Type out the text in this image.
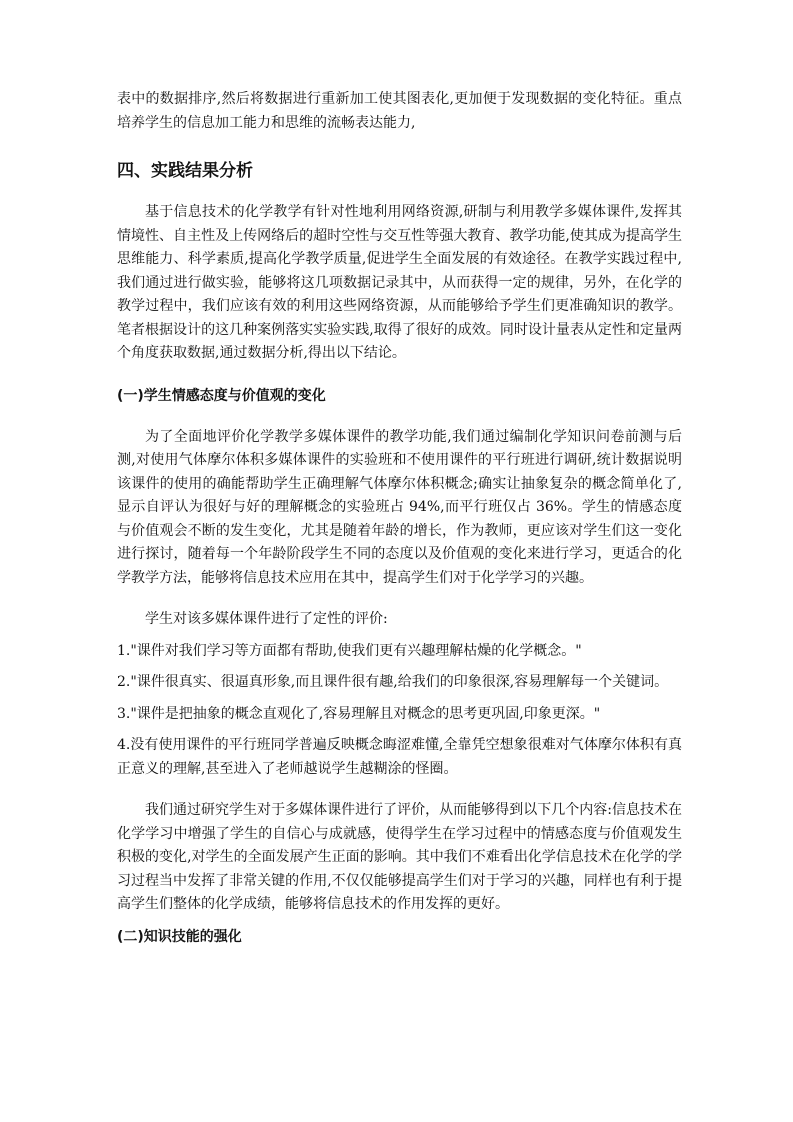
表中的数据排序,然后将数据进行重新加工使其图表化,更加便于发现数据的变化特征。重点培养学生的信息加工能力和思维的流畅表达能力,

四、实践结果分析

基于信息技术的化学教学有针对性地利用网络资源,研制与利用教学多媒体课件,发挥其情境性、自主性及上传网络后的超时空性与交互性等强大教育、教学功能,使其成为提高学生思维能力、科学素质,提高化学教学质量,促进学生全面发展的有效途径。在教学实践过程中,我们通过进行做实验，能够将这几项数据记录其中，从而获得一定的规律，另外，在化学的教学过程中，我们应该有效的利用这些网络资源，从而能够给予学生们更准确知识的教学。笔者根据设计的这几种案例落实实验实践,取得了很好的成效。同时设计量表从定性和定量两个角度获取数据,通过数据分析,得出以下结论。

(一)学生情感态度与价值观的变化

为了全面地评价化学教学多媒体课件的教学功能,我们通过编制化学知识问卷前测与后测,对使用气体摩尔体积多媒体课件的实验班和不使用课件的平行班进行调研,统计数据说明该课件的使用的确能帮助学生正确理解气体摩尔体积概念;确实让抽象复杂的概念简单化了,显示自评认为很好与好的理解概念的实验班占 94%,而平行班仅占 36%。学生的情感态度与价值观会不断的发生变化，尤其是随着年龄的增长，作为教师，更应该对学生们这一变化进行探讨，随着每一个年龄阶段学生不同的态度以及价值观的变化来进行学习，更适合的化学教学方法，能够将信息技术应用在其中，提高学生们对于化学学习的兴趣。

学生对该多媒体课件进行了定性的评价:

1."课件对我们学习等方面都有帮助,使我们更有兴趣理解枯燥的化学概念。"

2."课件很真实、很逼真形象,而且课件很有趣,给我们的印象很深,容易理解每一个关键词。

3."课件是把抽象的概念直观化了,容易理解且对概念的思考更巩固,印象更深。"

4.没有使用课件的平行班同学普遍反映概念晦涩难懂,全靠凭空想象很难对气体摩尔体积有真正意义的理解,甚至进入了老师越说学生越糊涂的怪圈。

我们通过研究学生对于多媒体课件进行了评价，从而能够得到以下几个内容:信息技术在化学学习中增强了学生的自信心与成就感，使得学生在学习过程中的情感态度与价值观发生积极的变化,对学生的全面发展产生正面的影响。其中我们不难看出化学信息技术在化学的学习过程当中发挥了非常关键的作用,不仅仅能够提高学生们对于学习的兴趣，同样也有利于提高学生们整体的化学成绩，能够将信息技术的作用发挥的更好。

(二)知识技能的强化
